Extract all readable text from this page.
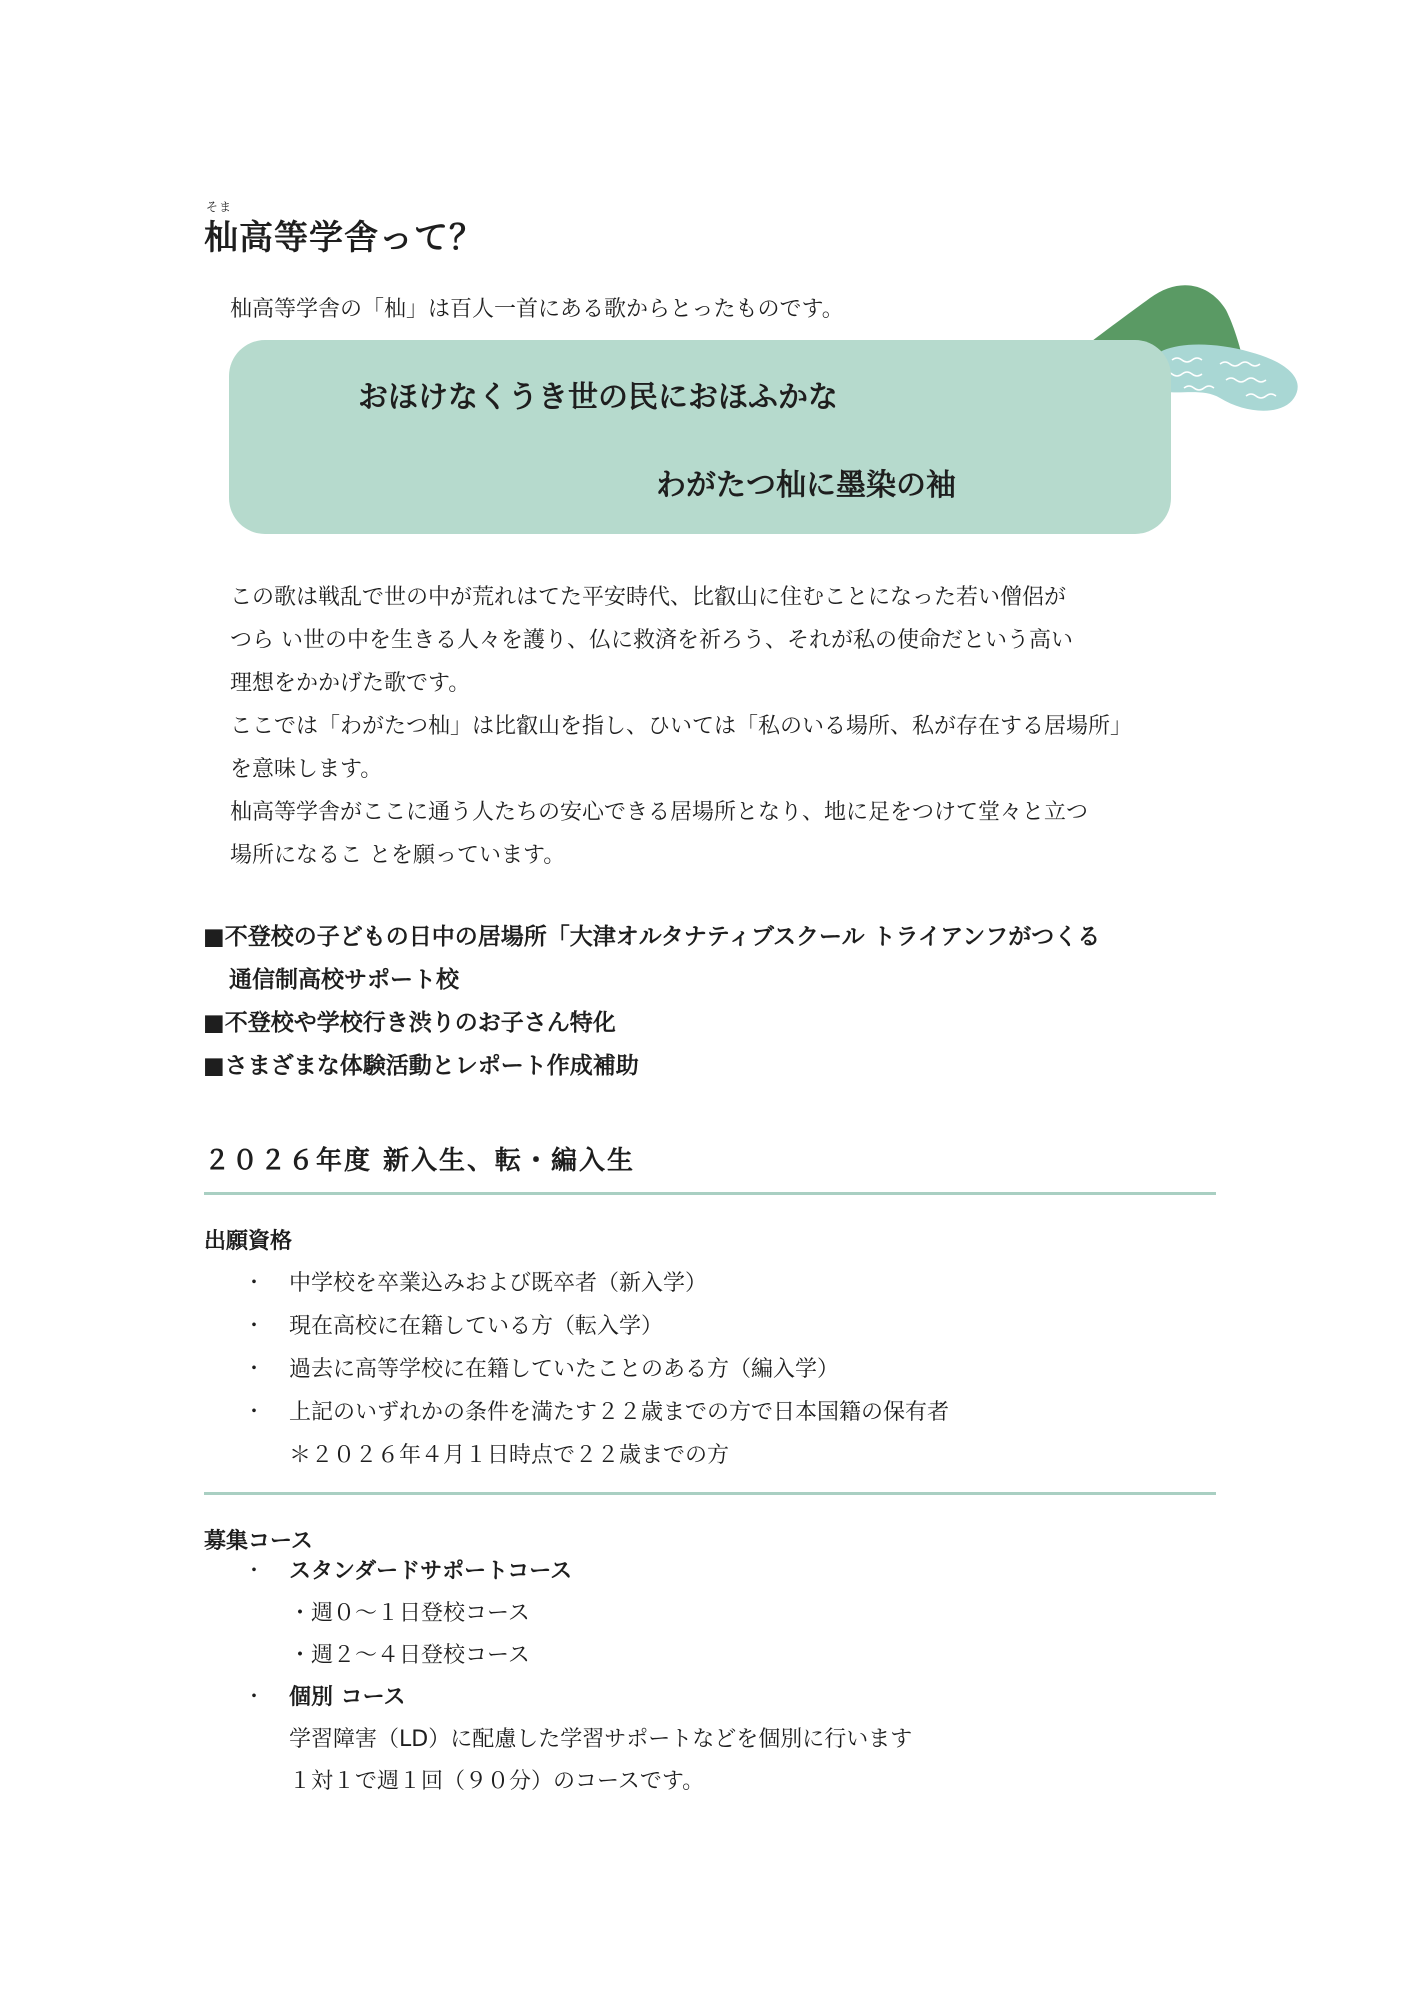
そま
杣高等学舎って？
杣高等学舎の「杣」は百人一首にある歌からとったものです。
おほけなくうき世の民におほふかな
わがたつ杣に墨染の袖
この歌は戦乱で世の中が荒れはてた平安時代、比叡山に住むことになった若い僧侶が
つら い世の中を生きる人々を護り、仏に救済を祈ろう、それが私の使命だという高い
理想をかかげた歌です。
ここでは「わがたつ杣」は比叡山を指し、ひいては「私のいる場所、私が存在する居場所」
を意味します。
杣高等学舎がここに通う人たちの安心できる居場所となり、地に足をつけて堂々と立つ
場所になるこ とを願っています。
■不登校の子どもの日中の居場所「大津オルタナティブスクール トライアンフがつくる
通信制高校サポート校
■不登校や学校行き渋りのお子さん特化
■さまざまな体験活動とレポート作成補助
２０２６年度 新入生、転・編入生
出願資格
・ 中学校を卒業込みおよび既卒者（新入学）
・ 現在高校に在籍している方（転入学）
・ 過去に高等学校に在籍していたことのある方（編入学）
・ 上記のいずれかの条件を満たす２２歳までの方で日本国籍の保有者
＊２０２６年４月１日時点で２２歳までの方
募集コース
・ スタンダードサポートコース
・週０～１日登校コース
・週２～４日登校コース
・ 個別 コース
学習障害（LD）に配慮した学習サポートなどを個別に行います
１対１で週１回（９０分）のコースです。
